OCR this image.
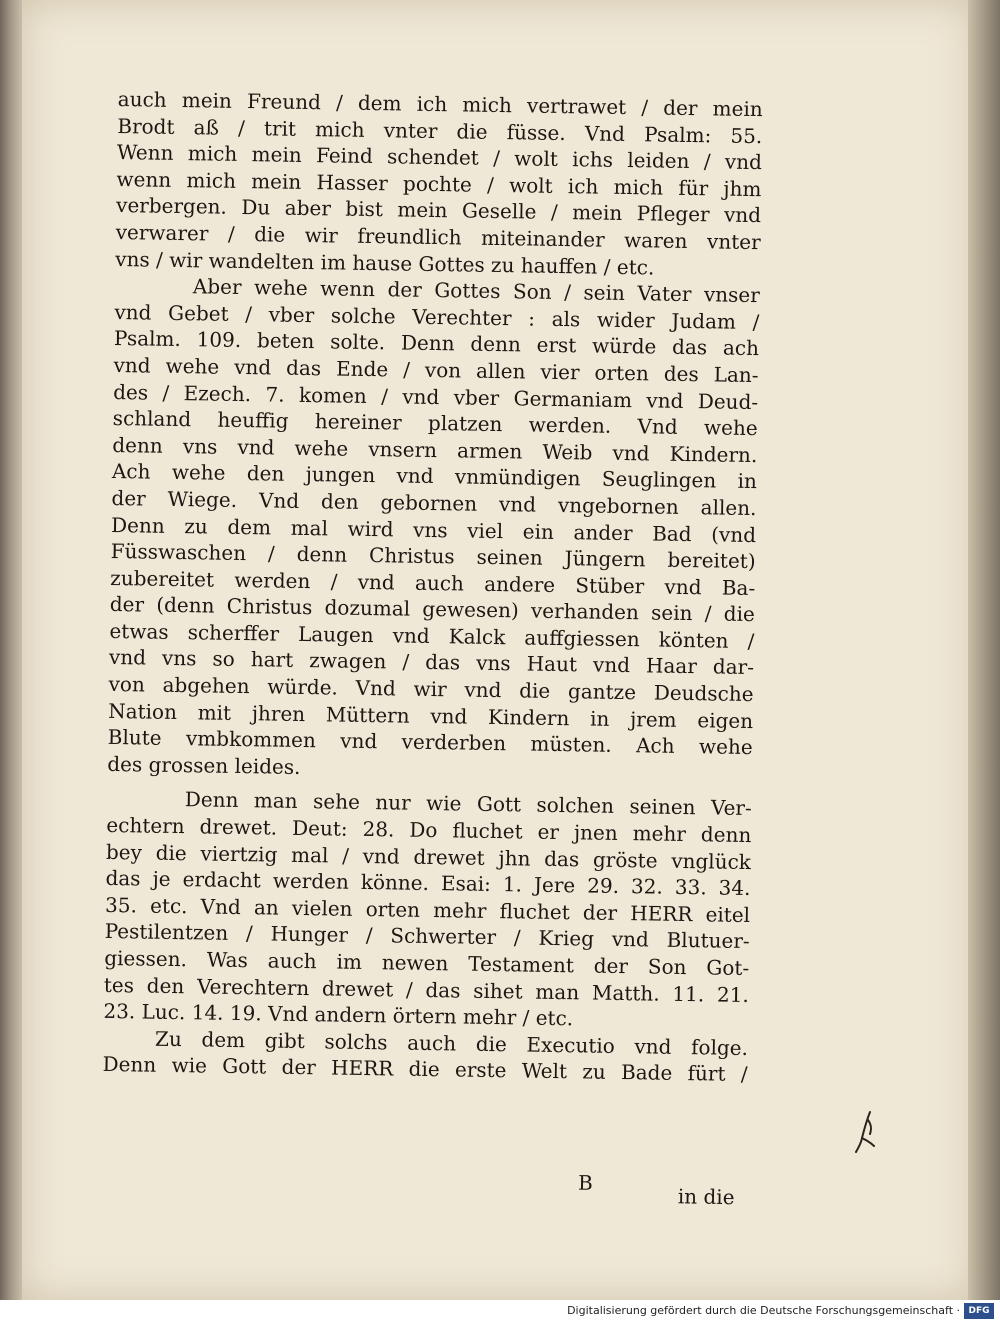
auch mein Freund / dem ich mich vertrawet / der mein
Brodt aß / trit mich vnter die füsse. Vnd Psalm: 55.
Wenn mich mein Feind schendet / wolt ichs leiden / vnd
wenn mich mein Hasser pochte / wolt ich mich für jhm
verbergen. Du aber bist mein Geselle / mein Pfleger vnd
verwarer / die wir freundlich miteinander waren vnter
vns / wir wandelten im hause Gottes zu hauffen / etc.
Aber wehe wenn der Gottes Son / sein Vater vnser
vnd Gebet / vber solche Verechter : als wider Judam /
Psalm. 109. beten solte. Denn denn erst würde das ach
vnd wehe vnd das Ende / von allen vier orten des Lan-
des / Ezech. 7. komen / vnd vber Germaniam vnd Deud-
schland heuffig hereiner platzen werden. Vnd wehe
denn vns vnd wehe vnsern armen Weib vnd Kindern.
Ach wehe den jungen vnd vnmündigen Seuglingen in
der Wiege. Vnd den gebornen vnd vngebornen allen.
Denn zu dem mal wird vns viel ein ander Bad (vnd
Füsswaschen / denn Christus seinen Jüngern bereitet)
zubereitet werden / vnd auch andere Stüber vnd Ba-
der (denn Christus dozumal gewesen) verhanden sein / die
etwas scherffer Laugen vnd Kalck auffgiessen könten /
vnd vns so hart zwagen / das vns Haut vnd Haar dar-
von abgehen würde. Vnd wir vnd die gantze Deudsche
Nation mit jhren Müttern vnd Kindern in jrem eigen
Blute vmbkommen vnd verderben müsten. Ach wehe
des grossen leides.
Denn man sehe nur wie Gott solchen seinen Ver-
echtern drewet. Deut: 28. Do fluchet er jnen mehr denn
bey die viertzig mal / vnd drewet jhn das gröste vnglück
das je erdacht werden könne. Esai: 1. Jere 29. 32. 33. 34.
35. etc. Vnd an vielen orten mehr fluchet der HERR eitel
Pestilentzen / Hunger / Schwerter / Krieg vnd Blutuer-
giessen. Was auch im newen Testament der Son Got-
tes den Verechtern drewet / das sihet man Matth. 11. 21.
23. Luc. 14. 19. Vnd andern örtern mehr / etc.
Zu dem gibt solchs auch die Executio vnd folge.
Denn wie Gott der HERR die erste Welt zu Bade fürt /
B
in die
Digitalisierung gefördert durch die Deutsche Forschungsgemeinschaft · DFG
